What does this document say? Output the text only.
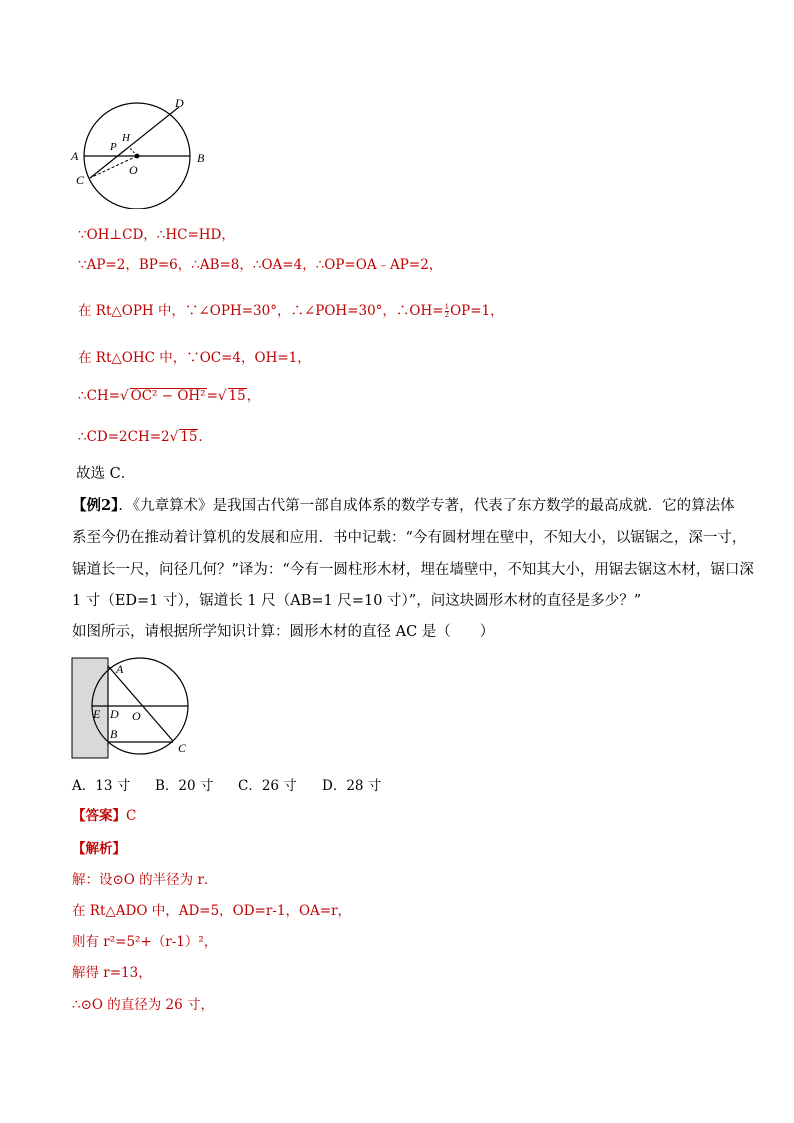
D
H
P
A	B
C
O
∵OH⊥CD，∴HC=HD，
∵AP=2，BP=6，∴AB=8，∴OA=4，∴OP=OA﹣AP=2，
在 Rt△OPH 中，∵∠OPH=30°，∴∠POH=30°，∴OH= $\frac{1}{2} OP=1$，
在 Rt△OHC 中，∵OC=4，OH=1，
∴CH=√ OC² − OH²=√ 15，
∴CD=2CH=2√ 15．
故选 C．
【例2】．《九章算术》是我国古代第一部自成体系的数学专著，代表了东方数学的最高成就．它的算法体
系至今仍在推动着计算机的发展和应用．书中记载：“今有圆材埋在壁中，不知大小，以锯锯之，深一寸，
锯道长一尺，问径几何？”译为：“今有一圆柱形木材，埋在墙壁中，不知其大小，用锯去锯这木材，锯口深
1 寸（ED=1 寸），锯道长 1 尺（AB=1 尺=10 寸）”，问这块圆形木材的直径是多少？”
如图所示，请根据所学知识计算：圆形木材的直径 AC 是（　　）
A
E D O
B
C
A．13 寸 B．20 寸 C．26 寸 D．28 寸
【答案】C
【解析】
解：设⊙O 的半径为 r．
在 Rt△ADO 中，AD=5，OD=r-1，OA=r，
则有 r²=5²+（r-1）²，
解得 r=13，
∴⊙O 的直径为 26 寸，
